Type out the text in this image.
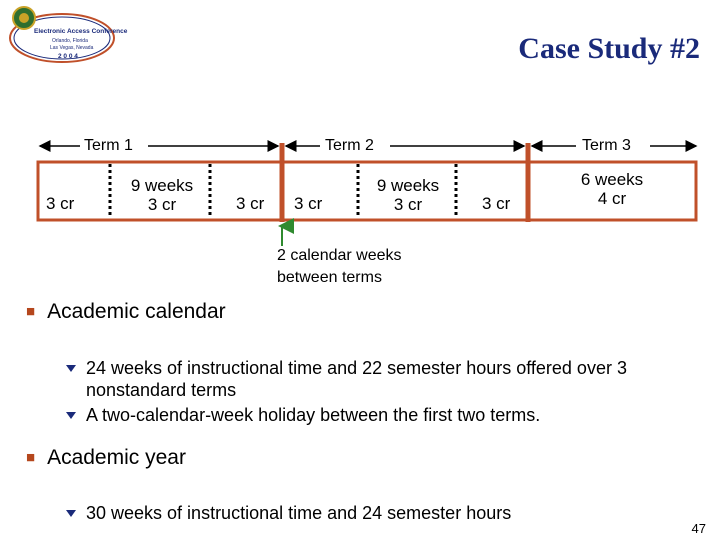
Electronic Access Conference
Orlando, Florida
Las Vegas, Nevada
2 0 0 4	Case Study #2
Term 1	Term 2	Term 3
3 cr
9 weeks
3 cr	3 cr 3 cr
9 weeks
3 cr	3 cr
6 weeks
4 cr
2 calendar weeks
between terms
■ Academic calendar
24 weeks of instructional time and 22 semester hours offered over 3 nonstandard terms
A two-calendar-week holiday between the first two terms.
■ Academic year
30 weeks of instructional time and 24 semester hours
47
